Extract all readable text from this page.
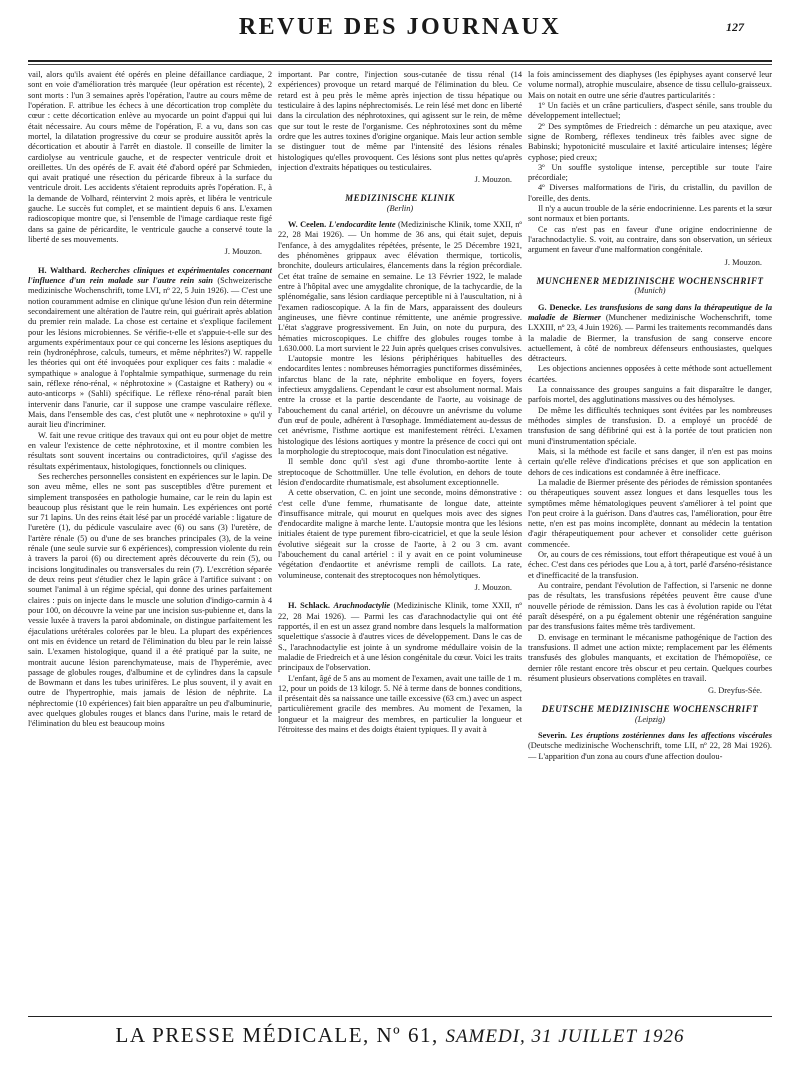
REVUE DES JOURNAUX	127

vail, alors qu'ils avaient été opérés en pleine défaillance cardiaque, 2 sont en voie d'amélioration très marquée (leur opération est récente), 2 sont morts : l'un 3 semaines après l'opération, l'autre au cours même de l'opération. F. attribue les échecs à une décortication trop complète du cœur : cette décortication enlève au myocarde un point d'appui qui lui était nécessaire. Au cours même de l'opération, F. a vu, dans son cas mortel, la dilatation progressive du cœur se produire aussitôt après la décortication et aboutir à l'arrêt en diastole. Il conseille de limiter la cardiolyse au ventricule gauche, et de respecter ventricule droit et oreillettes. Un des opérés de F. avait été d'abord opéré par Schmieden, qui avait pratiqué une résection du péricarde fibreux à la surface du ventricule droit. Les accidents s'étaient reproduits après l'opération. F., à la demande de Volhard, réintervint 2 mois après, et libéra le ventricule gauche. Le succès fut complet, et se maintient depuis 6 ans. L'examen radioscopique montre que, si l'ensemble de l'image cardiaque reste figé dans sa gaine de péricardite, le ventricule gauche a conservé toute la liberté de ses mouvements.

J. Mouzon.

H. Walthard. Recherches cliniques et expérimentales concernant l'influence d'un rein malade sur l'autre rein sain (Schweizerische medizinische Wochenschrift, tome LVI, nº 22, 5 Juin 1926). — C'est une notion couramment admise en clinique qu'une lésion d'un rein détermine secondairement une altération de l'autre rein, qui guérirait après ablation du premier rein malade. La chose est certaine et s'explique facilement pour les lésions microbiennes. Se vérifie-t-elle et s'appuie-t-elle sur des arguments expérimentaux pour ce qui concerne les lésions aseptiques du rein (hydronéphrose, calculs, tumeurs, et même néphrites?) W. rappelle les théories qui ont été invoquées pour expliquer ces faits : maladie « sympathique » analogue à l'ophtalmie sympathique, surmenage du rein sain, réflexe réno-rénal, « néphrotoxine » (Castaigne et Rathery) ou « auto-anticorps » (Sahli) spécifique. Le réflexe réno-rénal paraît bien intervenir dans l'anurie, car il suppose une crampe vasculaire réflexe. Mais, dans l'ensemble des cas, c'est plutôt une « nephrotoxine » qu'il y aurait lieu d'incriminer.

W. fait une revue critique des travaux qui ont eu pour objet de mettre en valeur l'existence de cette néphrotoxine, et il montre combien les résultats sont souvent incertains ou contradictoires, qu'il s'agisse des résultats expérimentaux, histologiques, fonctionnels ou cliniques.

Ses recherches personnelles consistent en expériences sur le lapin. De son aveu même, elles ne sont pas susceptibles d'être purement et simplement transposées en pathologie humaine, car le rein du lapin est beaucoup plus résistant que le rein humain. Les expériences ont porté sur 71 lapins. Un des reins était lésé par un procédé variable : ligature de l'uretère (1), du pédicule vasculaire avec (6) ou sans (3) l'uretère, de l'artère rénale (5) ou d'une de ses branches principales (3), de la veine rénale (une seule survie sur 6 expériences), compression violente du rein à travers la paroi (6) ou directement après découverte du rein (5), ou incisions longitudinales ou transversales du rein (7). L'excrétion séparée de deux reins peut s'étudier chez le lapin grâce à l'artifice suivant : on soumet l'animal à un régime spécial, qui donne des urines parfaitement claires : puis on injecte dans le muscle une solution d'indigo-carmin à 4 pour 100, on découvre la veine par une incision sus-pubienne et, dans la vessie luxée à travers la paroi abdominale, on distingue parfaitement les éjaculations urétérales colorées par le bleu. La plupart des expériences ont mis en évidence un retard de l'élimination du bleu par le rein laissé sain. L'examen histologique, quand il a été pratiqué par la suite, ne montrait aucune lésion parenchymateuse, mais de l'hyperémie, avec passage de globules rouges, d'albumine et de cylindres dans la capsule de Bowmann et dans les tubes urinifères. Le plus souvent, il y avait en outre de l'hypertrophie, mais jamais de lésion de néphrite. La néphrectomie (10 expériences) fait bien apparaître un peu d'albuminurie, avec quelques globules rouges et blancs dans l'urine, mais le retard de l'élimination du bleu est beaucoup moins

important. Par contre, l'injection sous-cutanée de tissu rénal (14 expériences) provoque un retard marqué de l'élimination du bleu. Ce retard est à peu près le même après injection de tissu hépatique ou testiculaire à des lapins néphrectomisés. Le rein lésé met donc en liberté dans la circulation des néphrotoxines, qui agissent sur le rein, de même que sur tout le reste de l'organisme. Ces néphrotoxines sont du même ordre que les autres toxines d'origine organique. Mais leur action semble se distinguer tout de même par l'intensité des lésions rénales histologiques qu'elles provoquent. Ces lésions sont plus nettes qu'après injection d'extraits hépatiques ou testiculaires.

J. Mouzon.
MEDIZINISCHE KLINIK
(Berlin)

W. Ceelen. L'endocardite lente (Medizinische Klinik, tome XXII, nº 22, 28 Mai 1926). — Un homme de 36 ans, qui était sujet, depuis l'enfance, à des amygdalites répétées, présente, le 25 Décembre 1921, des phénomènes grippaux avec élévation thermique, torticolis, bronchite, douleurs articulaires, élancements dans la région précordiale. Cet état traîne de semaine en semaine. Le 13 Février 1922, le malade entre à l'hôpital avec une amygdalite chronique, de la tachycardie, de la splénomégalie, sans lésion cardiaque perceptible ni à l'auscultation, ni à l'examen radioscopique. A la fin de Mars, apparaissent des douleurs angineuses, une fièvre continue rémittente, une anémie progressive. L'état s'aggrave progressivement. En Juin, on note du purpura, des hématies microscopiques. Le chiffre des globules rouges tombe à 1.630.000. La mort survient le 22 Juin après quelques crises convulsives.

L'autopsie montre les lésions périphériques habituelles des endocardites lentes : nombreuses hémorragies punctiformes disséminées, infarctus blanc de la rate, néphrite embolique en foyers, foyers infectieux amygdaliens. Cependant le cœur est absolument normal. Mais entre la crosse et la partie descendante de l'aorte, au voisinage de l'abouchement du canal artériel, on découvre un anévrisme du volume d'un œuf de poule, adhérent à l'œsophage. Immédiatement au-dessus de cet anévrisme, l'isthme aortique est manifestement rétréci. L'examen histologique des lésions aortiques y montre la présence de cocci qui ont la morphologie du streptocoque, mais dont l'inoculation est négative.

Il semble donc qu'il s'est agi d'une thrombo-aortite lente à streptocoque de Schottmüller. Une telle évolution, en dehors de toute lésion d'endocardite rhumatismale, est absolument exceptionnelle.

A cette observation, C. en joint une seconde, moins démonstrative : c'est celle d'une femme, rhumatisante de longue date, atteinte d'insuffisance mitrale, qui mourut en quelques mois avec des signes d'endocardite maligne à marche lente. L'autopsie montra que les lésions initiales étaient de type purement fibro-cicatriciel, et que la seule lésion évolutive siégeait sur la crosse de l'aorte, à 2 ou 3 cm. avant l'abouchement du canal artériel : il y avait en ce point volumineuse végétation d'endaortite et anévrisme rempli de caillots. La rate, volumineuse, contenait des streptocoques non hémolytiques.

J. Mouzon.

H. Schlack. Arachnodactylie (Medizinische Klinik, tome XXII, nº 22, 28 Mai 1926). — Parmi les cas d'arachnodactylie qui ont été rapportés, il en est un assez grand nombre dans lesquels la malformation squelettique s'associe à d'autres vices de développement. Dans le cas de S., l'arachnodactylie est jointe à un syndrome médullaire voisin de la maladie de Friedreich et à une lésion congénitale du cœur. Voici les traits principaux de l'observation.

L'enfant, âgé de 5 ans au moment de l'examen, avait une taille de 1 m. 12, pour un poids de 13 kilogr. 5. Né à terme dans de bonnes conditions, il présentait dès sa naissance une taille excessive (63 cm.) avec un aspect particulièrement gracile des membres. Au moment de l'examen, la longueur et la maigreur des membres, en particulier la longueur et l'étroitesse des mains et des doigts étaient typiques. Il y avait à

la fois amincissement des diaphyses (les épiphyses ayant conservé leur volume normal), atrophie musculaire, absence de tissu cellulo-graisseux. Mais on notait en outre une série d'autres particularités :

1º Un faciès et un crâne particuliers, d'aspect sénile, sans trouble du développement intellectuel;

2º Des symptômes de Friedreich : démarche un peu ataxique, avec signe de Romberg, réflexes tendineux très faibles avec signe de Babinski; hypotonicité musculaire et laxité articulaire intenses; légère cyphose; pied creux;

3º Un souffle systolique intense, perceptible sur toute l'aire précordiale;

4º Diverses malformations de l'iris, du cristallin, du pavillon de l'oreille, des dents.

Il n'y a aucun trouble de la série endocrinienne. Les parents et la sœur sont normaux et bien portants.

Ce cas n'est pas en faveur d'une origine endocrinienne de l'arachnodactylie. S. voit, au contraire, dans son observation, un sérieux argument en faveur d'une malformation congénitale.

J. Mouzon.
MUNCHENER MEDIZINISCHE WOCHENSCHRIFT
(Munich)

G. Denecke. Les transfusions de sang dans la thérapeutique de la maladie de Biermer (Munchener medizinische Wochenschrift, tome LXXIII, nº 23, 4 Juin 1926). — Parmi les traitements recommandés dans la maladie de Biermer, la transfusion de sang conserve encore actuellement, à côté de nombreux défenseurs enthousiastes, quelques détracteurs.

Les objections anciennes opposées à cette méthode sont actuellement écartées.

La connaissance des groupes sanguins a fait disparaître le danger, parfois mortel, des agglutinations massives ou des hémolyses.

De même les difficultés techniques sont évitées par les nombreuses méthodes simples de transfusion. D. a employé un procédé de transfusion de sang défibriné qui est à la portée de tout praticien non muni d'instrumentation spéciale.

Mais, si la méthode est facile et sans danger, il n'en est pas moins certain qu'elle relève d'indications précises et que son application en dehors de ces indications est condamnée à être inefficace.

La maladie de Biermer présente des périodes de rémission spontanées ou thérapeutiques souvent assez longues et dans lesquelles tous les symptômes même hématologiques peuvent s'améliorer à tel point que l'on peut croire à la guérison. Dans d'autres cas, l'amélioration, pour être nette, n'en est pas moins incomplète, donnant au médecin la tentation d'agir thérapeutiquement pour achever et consolider cette guérison commencée.

Or, au cours de ces rémissions, tout effort thérapeutique est voué à un échec. C'est dans ces périodes que Lou a, à tort, parlé d'arséno-résistance et d'inefficacité de la transfusion.

Au contraire, pendant l'évolution de l'affection, si l'arsenic ne donne pas de résultats, les transfusions répétées peuvent être cause d'une nouvelle période de rémission. Dans les cas à évolution rapide ou l'état paraît désespéré, on a pu également obtenir une régénération sanguine par des transfusions faites même très tardivement.

D. envisage en terminant le mécanisme pathogénique de l'action des transfusions. Il admet une action mixte; remplacement par les éléments transfusés des globules manquants, et excitation de l'hémopoïèse, ce dernier rôle restant encore très obscur et peu certain. Quelques courbes résument plusieurs observations complètes en travail.

G. Dreyfus-Sée.
DEUTSCHE MEDIZINISCHE WOCHENSCHRIFT
(Leipzig)

Severin. Les éruptions zostériennes dans les affections viscérales (Deutsche medizinische Wochenschrift, tome LII, nº 22, 28 Mai 1926). — L'apparition d'un zona au cours d'une affection doulou-

LA PRESSE MÉDICALE, Nº 61, SAMEDI, 31 JUILLET 1926
